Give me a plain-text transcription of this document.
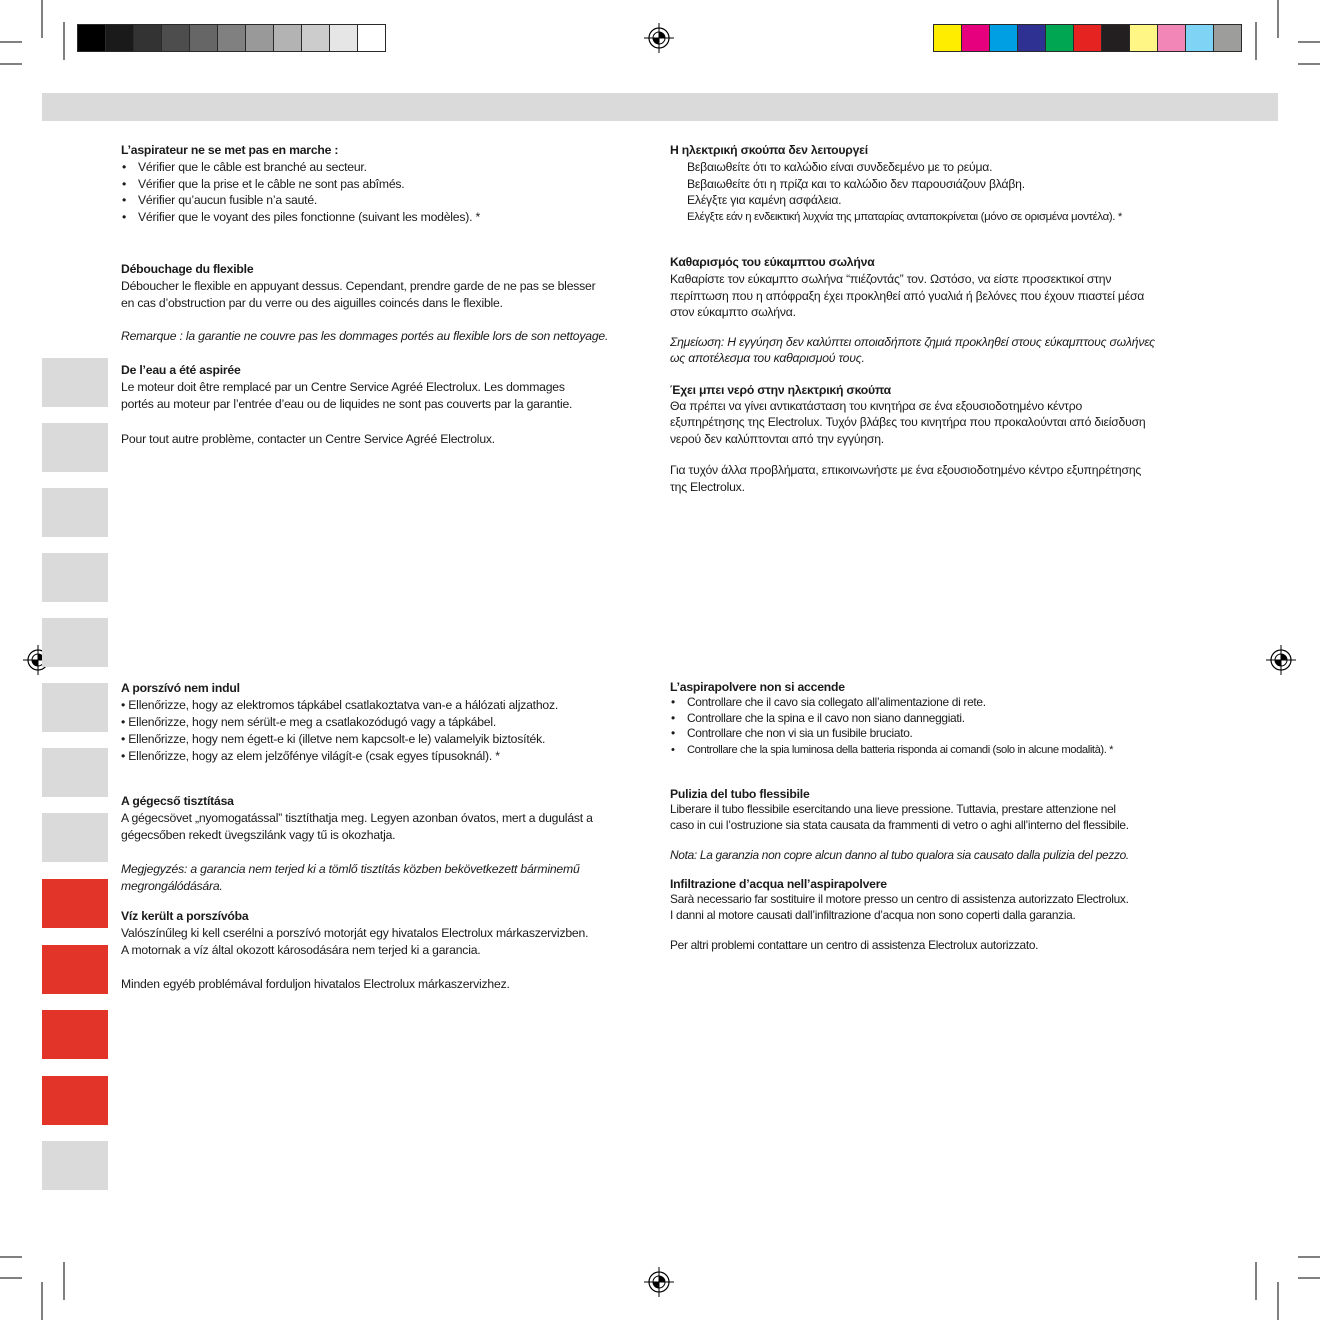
L’aspirateur ne se met pas en marche :
• Vérifier que le câble est branché au secteur.
• Vérifier que la prise et le câble ne sont pas abîmés.
• Vérifier qu’aucun fusible n’a sauté.
• Vérifier que le voyant des piles fonctionne (suivant les modèles). *
Débouchage du flexible
Déboucher le flexible en appuyant dessus. Cependant, prendre garde de ne pas se blesser
en cas d’obstruction par du verre ou des aiguilles coincés dans le flexible.
Remarque : la garantie ne couvre pas les dommages portés au flexible lors de son nettoyage.
De l’eau a été aspirée
Le moteur doit être remplacé par un Centre Service Agréé Electrolux. Les dommages
portés au moteur par l’entrée d’eau ou de liquides ne sont pas couverts par la garantie.
Pour tout autre problème, contacter un Centre Service Agréé Electrolux.
Η ηλεκτρική σκούπα δεν λειτουργεί
Βεβαιωθείτε ότι το καλώδιο είναι συνδεδεμένο με το ρεύμα.
Βεβαιωθείτε ότι η πρίζα και το καλώδιο δεν παρουσιάζουν βλάβη.
Ελέγξτε για καμένη ασφάλεια.
Ελέγξτε εάν η ενδεικτική λυχνία της μπαταρίας ανταποκρίνεται (μόνο σε ορισμένα μοντέλα). *
Καθαρισμός του εύκαμπτου σωλήνα
Καθαρίστε τον εύκαμπτο σωλήνα “πιέζοντάς” τον. Ωστόσο, να είστε προσεκτικοί στην
περίπτωση που η απόφραξη έχει προκληθεί από γυαλιά ή βελόνες που έχουν πιαστεί μέσα
στον εύκαμπτο σωλήνα.
Σημείωση: Η εγγύηση δεν καλύπτει οποιαδήποτε ζημιά προκληθεί στους εύκαμπτους σωλήνες
ως αποτέλεσμα του καθαρισμού τους.
Έχει μπει νερό στην ηλεκτρική σκούπα
Θα πρέπει να γίνει αντικατάσταση του κινητήρα σε ένα εξουσιοδοτημένο κέντρο
εξυπηρέτησης της Electrolux. Τυχόν βλάβες του κινητήρα που προκαλούνται από διείσδυση
νερού δεν καλύπτονται από την εγγύηση.
Για τυχόν άλλα προβλήματα, επικοινωνήστε με ένα εξουσιοδοτημένο κέντρο εξυπηρέτησης
της Electrolux.
A porszívó nem indul
• Ellenőrizze, hogy az elektromos tápkábel csatlakoztatva van-e a hálózati aljzathoz.
• Ellenőrizze, hogy nem sérült-e meg a csatlakozódugó vagy a tápkábel.
• Ellenőrizze, hogy nem égett-e ki (illetve nem kapcsolt-e le) valamelyik biztosíték.
• Ellenőrizze, hogy az elem jelzőfénye világít-e (csak egyes típusoknál). *
A gégecső tisztítása
A gégecsövet „nyomogatással” tisztíthatja meg. Legyen azonban óvatos, mert a dugulást a
gégecsőben rekedt üvegszilánk vagy tű is okozhatja.
Megjegyzés: a garancia nem terjed ki a tömlő tisztítás közben bekövetkezett bárminemű
megrongálódására.
Víz került a porszívóba
Valószínűleg ki kell cserélni a porszívó motorját egy hivatalos Electrolux márkaszervizben.
A motornak a víz által okozott károsodására nem terjed ki a garancia.
Minden egyéb problémával forduljon hivatalos Electrolux márkaszervizhez.
L’aspirapolvere non si accende
• Controllare che il cavo sia collegato all’alimentazione di rete.
• Controllare che la spina e il cavo non siano danneggiati.
• Controllare che non vi sia un fusibile bruciato.
• Controllare che la spia luminosa della batteria risponda ai comandi (solo in alcune modalità). *
Pulizia del tubo flessibile
Liberare il tubo flessibile esercitando una lieve pressione. Tuttavia, prestare attenzione nel
caso in cui l’ostruzione sia stata causata da frammenti di vetro o aghi all’interno del flessibile.
Nota: La garanzia non copre alcun danno al tubo qualora sia causato dalla pulizia del pezzo.
Infiltrazione d’acqua nell’aspirapolvere
Sarà necessario far sostituire il motore presso un centro di assistenza autorizzato Electrolux.
I danni al motore causati dall’infiltrazione d’acqua non sono coperti dalla garanzia.
Per altri problemi contattare un centro di assistenza Electrolux autorizzato.
